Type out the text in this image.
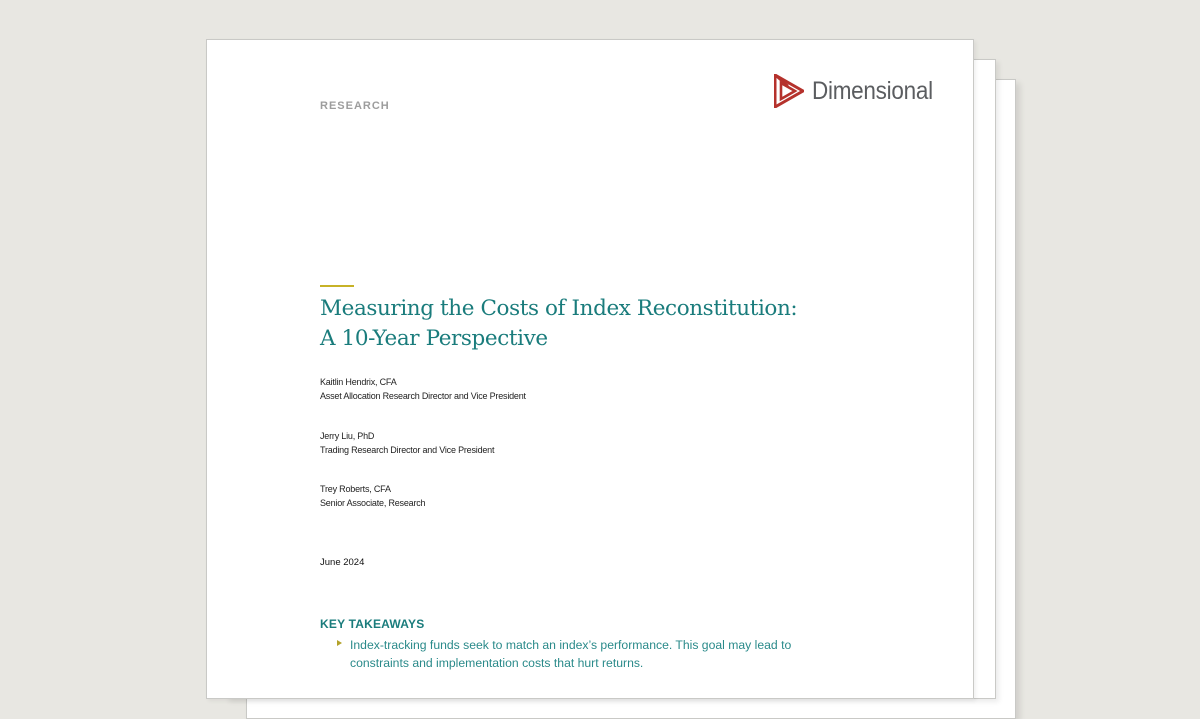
RESEARCH
Dimensional
Measuring the Costs of Index Reconstitution:
A 10-Year Perspective
Kaitlin Hendrix, CFA
Asset Allocation Research Director and Vice President
Jerry Liu, PhD
Trading Research Director and Vice President
Trey Roberts, CFA
Senior Associate, Research
June 2024
KEY TAKEAWAYS
Index-tracking funds seek to match an index’s performance. This goal may lead to constraints and implementation costs that hurt returns.
